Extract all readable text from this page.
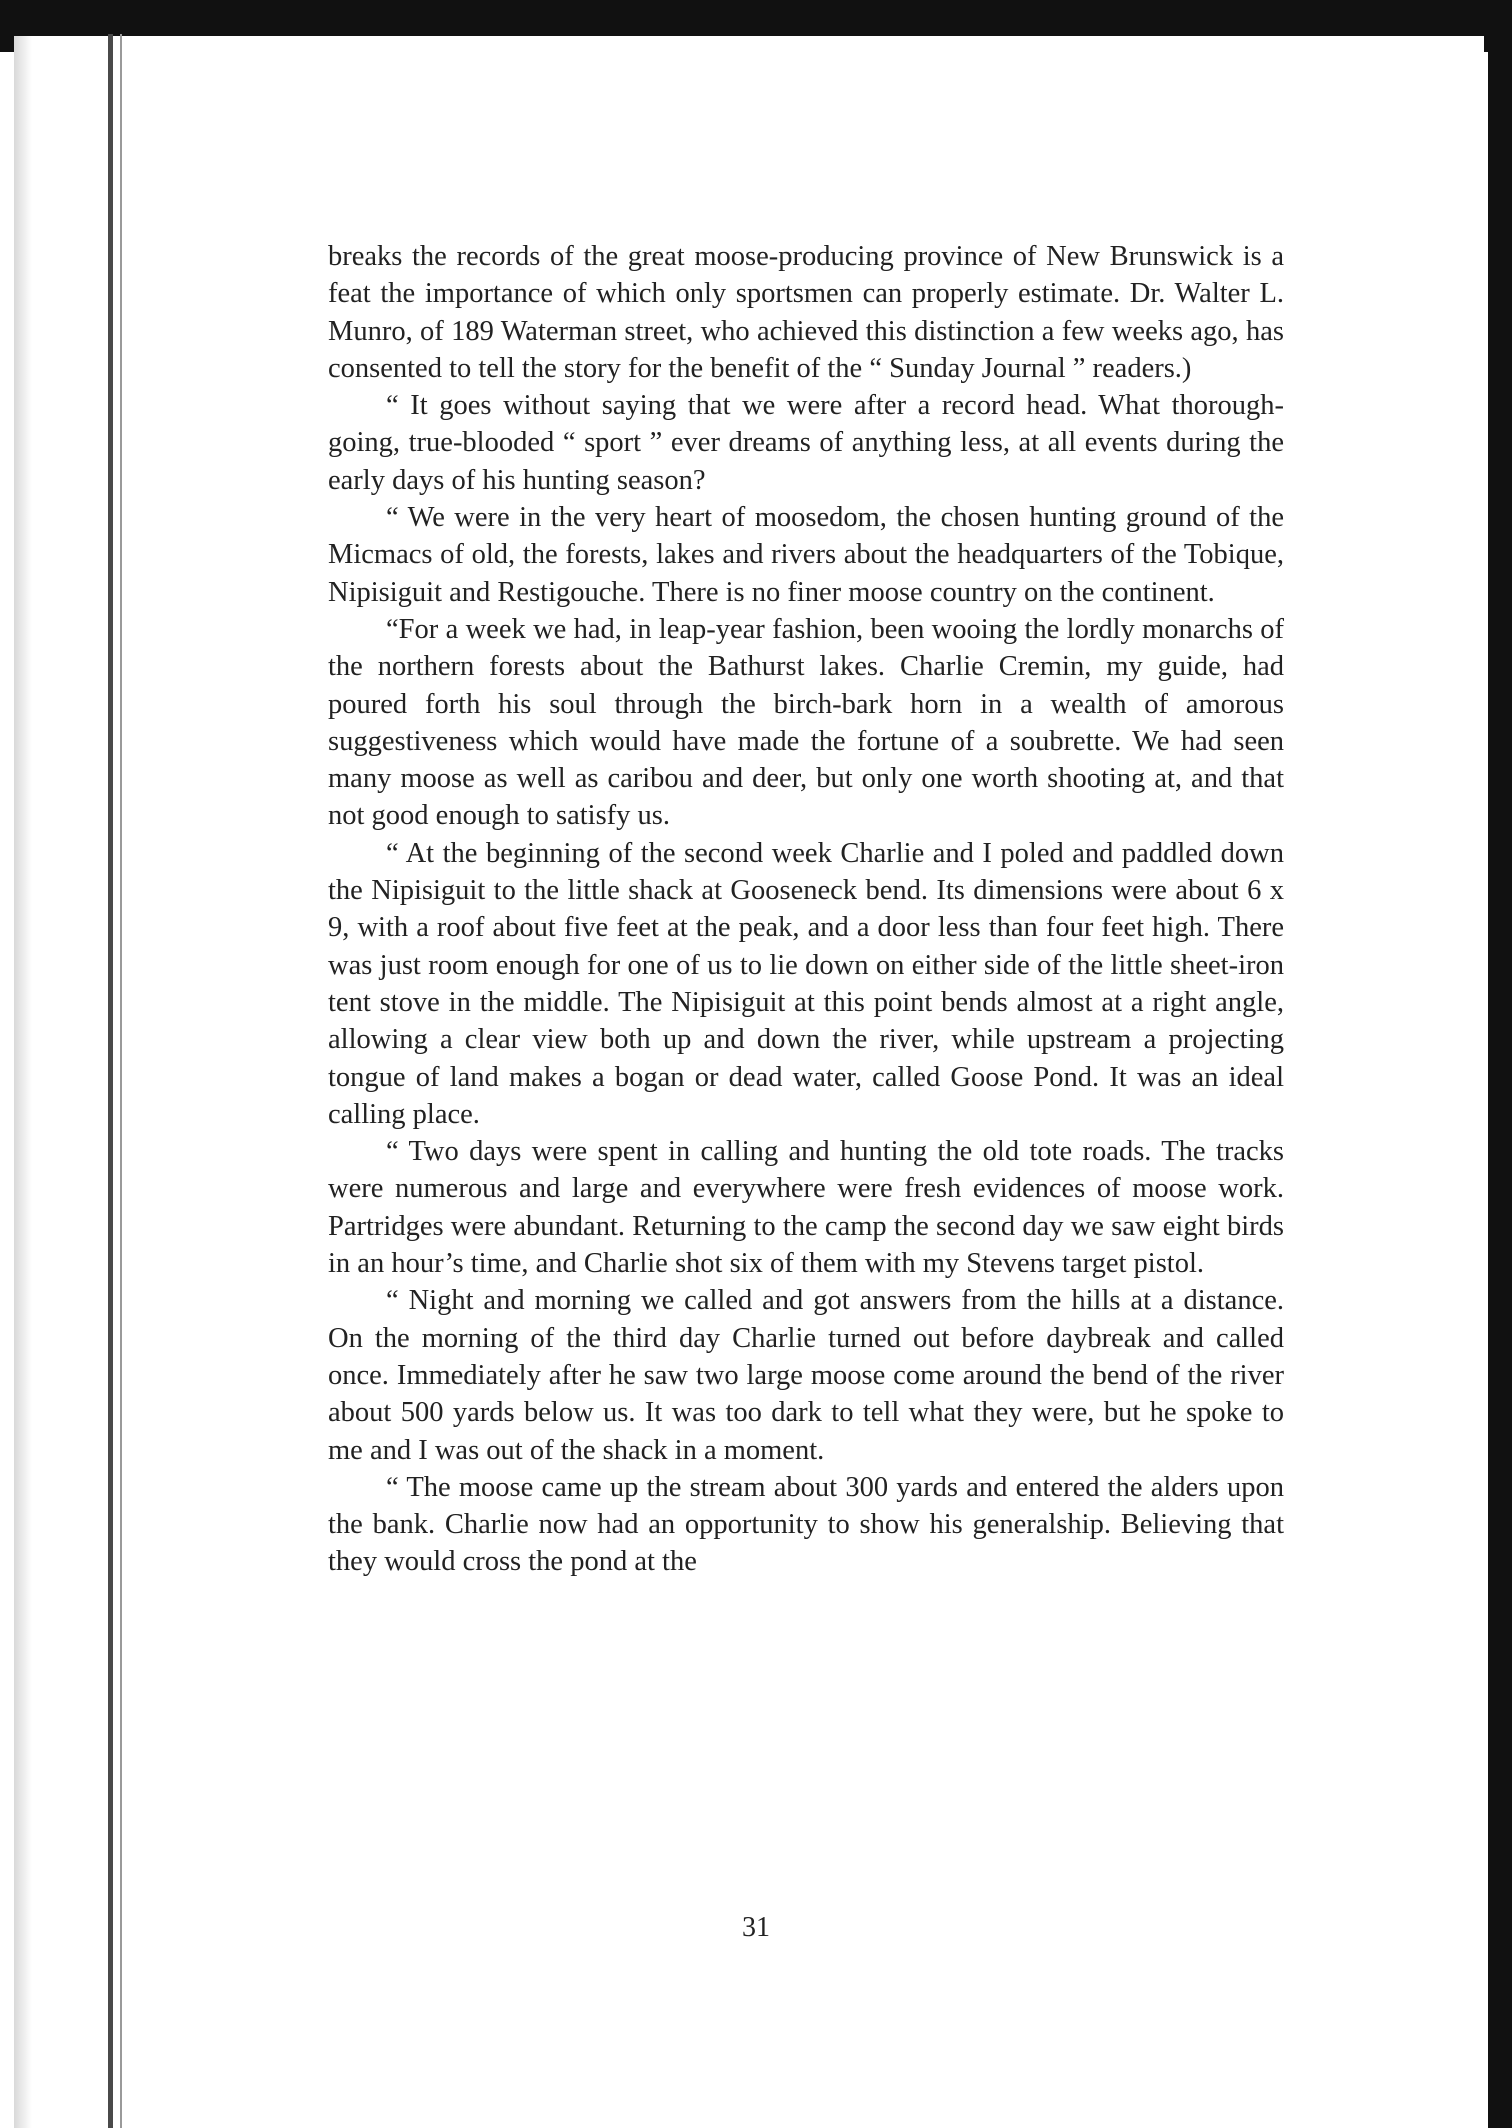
breaks the records of the great moose-producing province of New Brunswick is a feat the importance of which only sportsmen can properly estimate. Dr. Walter L. Munro, of 189 Waterman street, who achieved this distinction a few weeks ago, has consented to tell the story for the benefit of the “ Sunday Journal ” readers.)

“ It goes without saying that we were after a record head. What thorough-going, true-blooded “ sport ” ever dreams of anything less, at all events during the early days of his hunting season?

“ We were in the very heart of moosedom, the chosen hunting ground of the Micmacs of old, the forests, lakes and rivers about the headquarters of the Tobique, Nipisiguit and Restigouche. There is no finer moose country on the continent.

“For a week we had, in leap-year fashion, been wooing the lordly monarchs of the northern forests about the Bathurst lakes. Charlie Cremin, my guide, had poured forth his soul through the birch-bark horn in a wealth of amorous suggestiveness which would have made the fortune of a soubrette. We had seen many moose as well as caribou and deer, but only one worth shooting at, and that not good enough to satisfy us.

“ At the beginning of the second week Charlie and I poled and paddled down the Nipisiguit to the little shack at Gooseneck bend. Its dimensions were about 6 x 9, with a roof about five feet at the peak, and a door less than four feet high. There was just room enough for one of us to lie down on either side of the little sheet-iron tent stove in the middle. The Nipisiguit at this point bends almost at a right angle, allowing a clear view both up and down the river, while upstream a projecting tongue of land makes a bogan or dead water, called Goose Pond. It was an ideal calling place.

“ Two days were spent in calling and hunting the old tote roads. The tracks were numerous and large and everywhere were fresh evidences of moose work. Partridges were abundant. Returning to the camp the second day we saw eight birds in an hour’s time, and Charlie shot six of them with my Stevens target pistol.

“ Night and morning we called and got answers from the hills at a distance. On the morning of the third day Charlie turned out before daybreak and called once. Immediately after he saw two large moose come around the bend of the river about 500 yards below us. It was too dark to tell what they were, but he spoke to me and I was out of the shack in a moment.

“ The moose came up the stream about 300 yards and entered the alders upon the bank. Charlie now had an opportunity to show his generalship. Believing that they would cross the pond at the

31
